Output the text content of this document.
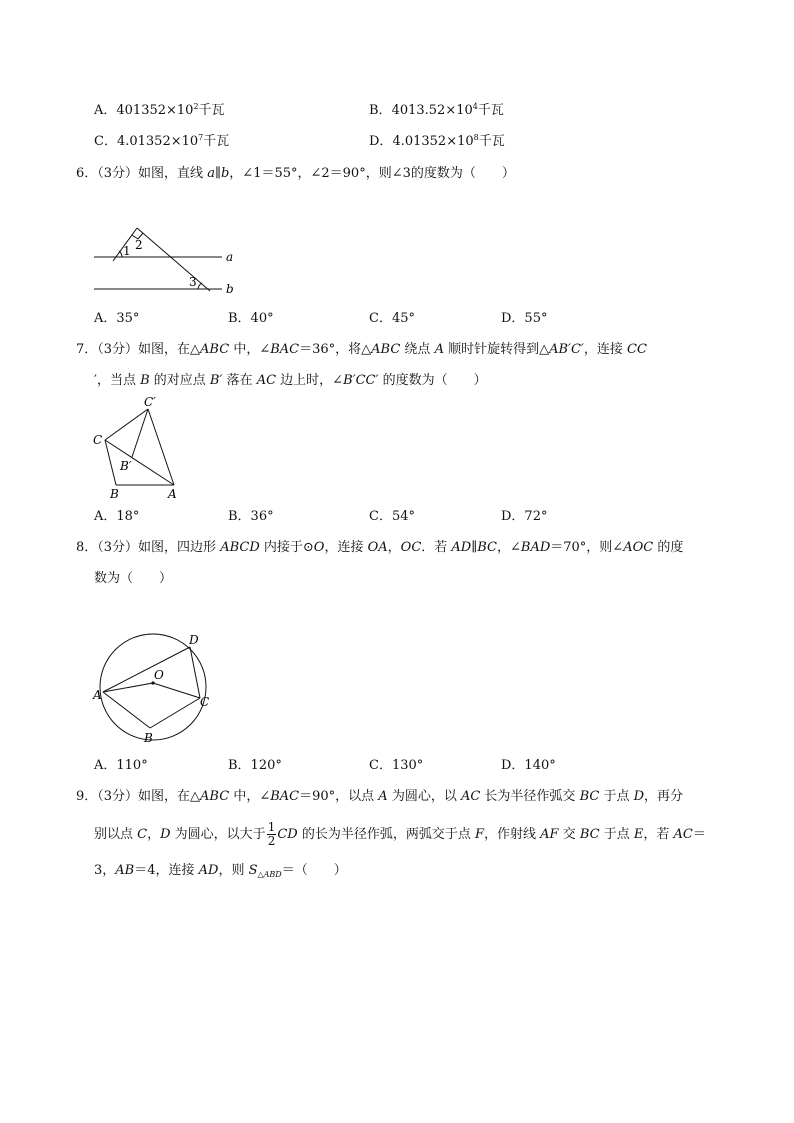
A．$401352\times 10^2$千瓦	B．$4013.52\times 10^4$千瓦
C．$4.01352\times 10^7$千瓦	D．$4.01352\times 10^8$千瓦
6．（3分）如图，直线 a∥b，∠1＝55°，∠2＝90°，则∠3的度数为（　　）
1 2
3
a
b
A．35°	B．40°	C．45°	D．55°
7．（3分）如图，在△ABC 中，∠BAC＝36°，将△ABC 绕点 A 顺时针旋转得到△AB′C′，连接 CC
′，当点 B 的对应点 B′ 落在 AC 边上时，∠B′CC′ 的度数为（　　）
C′
C
B′
B	A
A．18°	B．36°	C．54°	D．72°
8．（3分）如图，四边形 ABCD 内接于⊙O，连接 OA，OC．若 AD∥BC，∠BAD＝70°，则∠AOC 的度
数为（　　）
D
O
A	C
B
A．110°	B．120°	C．130°	D．140°
9．（3分）如图，在△ABC 中，∠BAC＝90°，以点 A 为圆心，以 AC 长为半径作弧交 BC 于点 D，再分
别以点 C，D 为圆心，以大于 $\frac{1}{2}$ CD 的长为半径作弧，两弧交于点 F，作射线 AF 交 BC 于点 E，若 AC＝
3，AB＝4，连接 AD，则 $S_{\triangle ABD}=$（　　）
